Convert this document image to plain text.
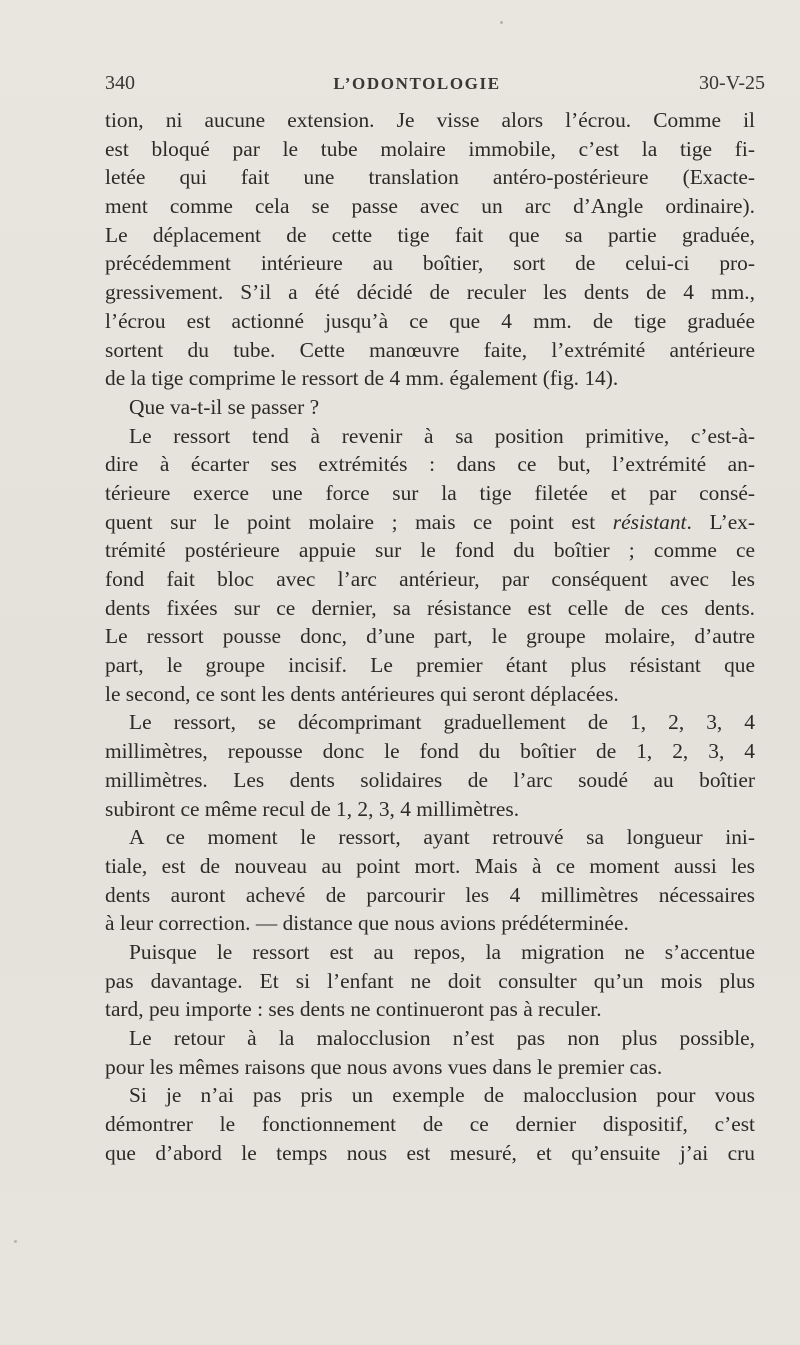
340	L’ODONTOLOGIE	30-V-25
tion, ni aucune extension. Je visse alors l’écrou. Comme il
est bloqué par le tube molaire immobile, c’est la tige fi-
letée qui fait une translation antéro-postérieure (Exacte-
ment comme cela se passe avec un arc d’Angle ordinaire).
Le déplacement de cette tige fait que sa partie graduée,
précédemment intérieure au boîtier, sort de celui-ci pro-
gressivement. S’il a été décidé de reculer les dents de 4 mm.,
l’écrou est actionné jusqu’à ce que 4 mm. de tige graduée
sortent du tube. Cette manœuvre faite, l’extrémité antérieure
de la tige comprime le ressort de 4 mm. également (fig. 14).
Que va-t-il se passer ?
Le ressort tend à revenir à sa position primitive, c’est-à-
dire à écarter ses extrémités : dans ce but, l’extrémité an-
térieure exerce une force sur la tige filetée et par consé-
quent sur le point molaire ; mais ce point est résistant. L’ex-
trémité postérieure appuie sur le fond du boîtier ; comme ce
fond fait bloc avec l’arc antérieur, par conséquent avec les
dents fixées sur ce dernier, sa résistance est celle de ces dents.
Le ressort pousse donc, d’une part, le groupe molaire, d’autre
part, le groupe incisif. Le premier étant plus résistant que
le second, ce sont les dents antérieures qui seront déplacées.
Le ressort, se décomprimant graduellement de 1, 2, 3, 4
millimètres, repousse donc le fond du boîtier de 1, 2, 3, 4
millimètres. Les dents solidaires de l’arc soudé au boîtier
subiront ce même recul de 1, 2, 3, 4 millimètres.
A ce moment le ressort, ayant retrouvé sa longueur ini-
tiale, est de nouveau au point mort. Mais à ce moment aussi les
dents auront achevé de parcourir les 4 millimètres nécessaires
à leur correction. — distance que nous avions prédéterminée.
Puisque le ressort est au repos, la migration ne s’accentue
pas davantage. Et si l’enfant ne doit consulter qu’un mois plus
tard, peu importe : ses dents ne continueront pas à reculer.
Le retour à la malocclusion n’est pas non plus possible,
pour les mêmes raisons que nous avons vues dans le premier cas.
Si je n’ai pas pris un exemple de malocclusion pour vous
démontrer le fonctionnement de ce dernier dispositif, c’est
que d’abord le temps nous est mesuré, et qu’ensuite j’ai cru
